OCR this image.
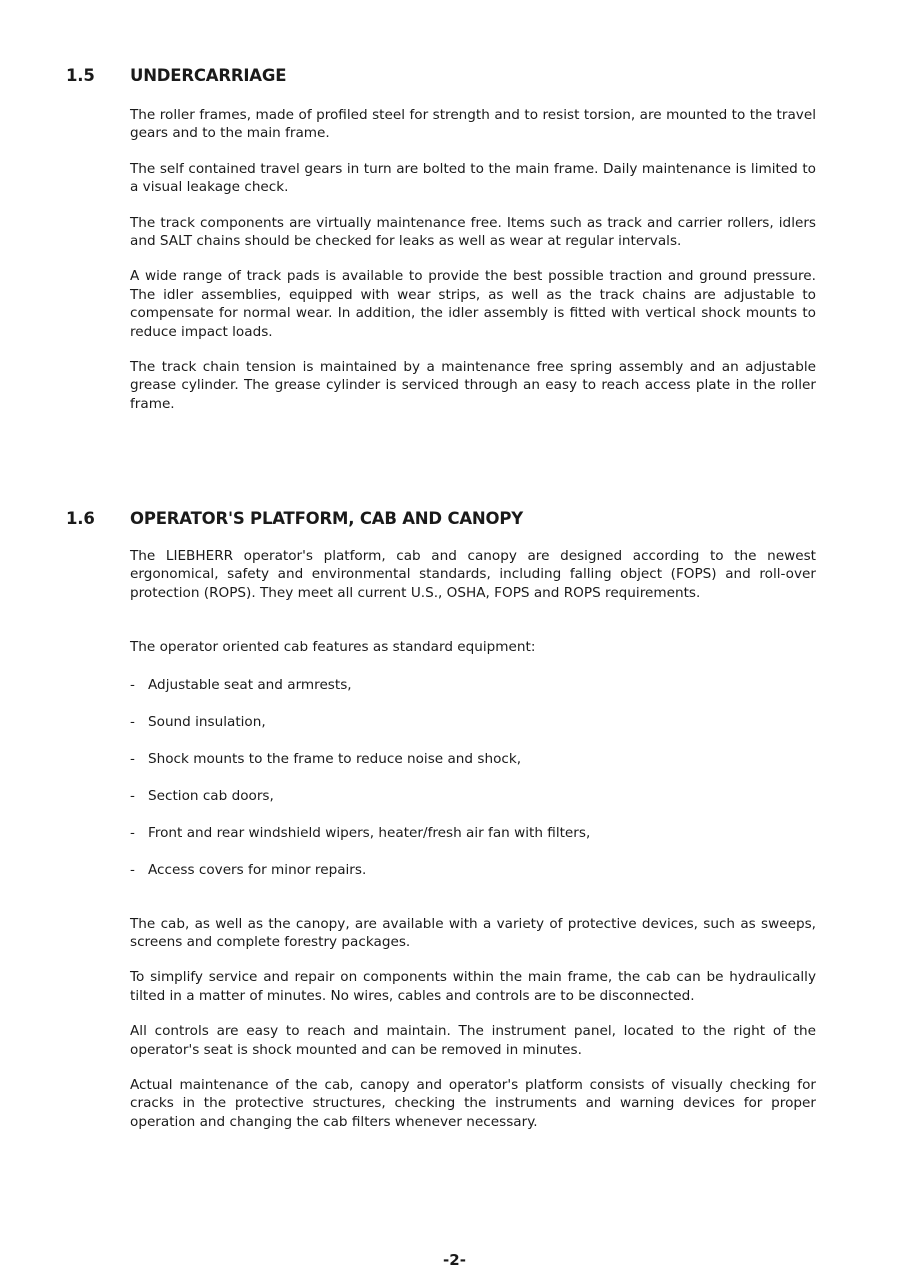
1.5 UNDERCARRIAGE

The roller frames, made of profiled steel for strength and to resist torsion, are mounted to the travel gears and to the main frame.

The self contained travel gears in turn are bolted to the main frame. Daily maintenance is limited to a visual leakage check.

The track components are virtually maintenance free. Items such as track and carrier rollers, idlers and SALT chains should be checked for leaks as well as wear at regular intervals.

A wide range of track pads is available to provide the best possible traction and ground pressure. The idler assemblies, equipped with wear strips, as well as the track chains are adjustable to compensate for normal wear. In addition, the idler assembly is fitted with vertical shock mounts to reduce impact loads.

The track chain tension is maintained by a maintenance free spring assembly and an adjustable grease cylinder. The grease cylinder is serviced through an easy to reach access plate in the roller frame.

1.6 OPERATOR'S PLATFORM, CAB AND CANOPY

The LIEBHERR operator's platform, cab and canopy are designed according to the newest ergonomical, safety and environmental standards, including falling object (FOPS) and roll-over protection (ROPS). They meet all current U.S., OSHA, FOPS and ROPS requirements.

The operator oriented cab features as standard equipment:

- Adjustable seat and armrests,
- Sound insulation,
- Shock mounts to the frame to reduce noise and shock,
- Section cab doors,
- Front and rear windshield wipers, heater/fresh air fan with filters,
- Access covers for minor repairs.

The cab, as well as the canopy, are available with a variety of protective devices, such as sweeps, screens and complete forestry packages.

To simplify service and repair on components within the main frame, the cab can be hydraulically tilted in a matter of minutes. No wires, cables and controls are to be disconnected.

All controls are easy to reach and maintain. The instrument panel, located to the right of the operator's seat is shock mounted and can be removed in minutes.

Actual maintenance of the cab, canopy and operator's platform consists of visually checking for cracks in the protective structures, checking the instruments and warning devices for proper operation and changing the cab filters whenever necessary.

-2-
